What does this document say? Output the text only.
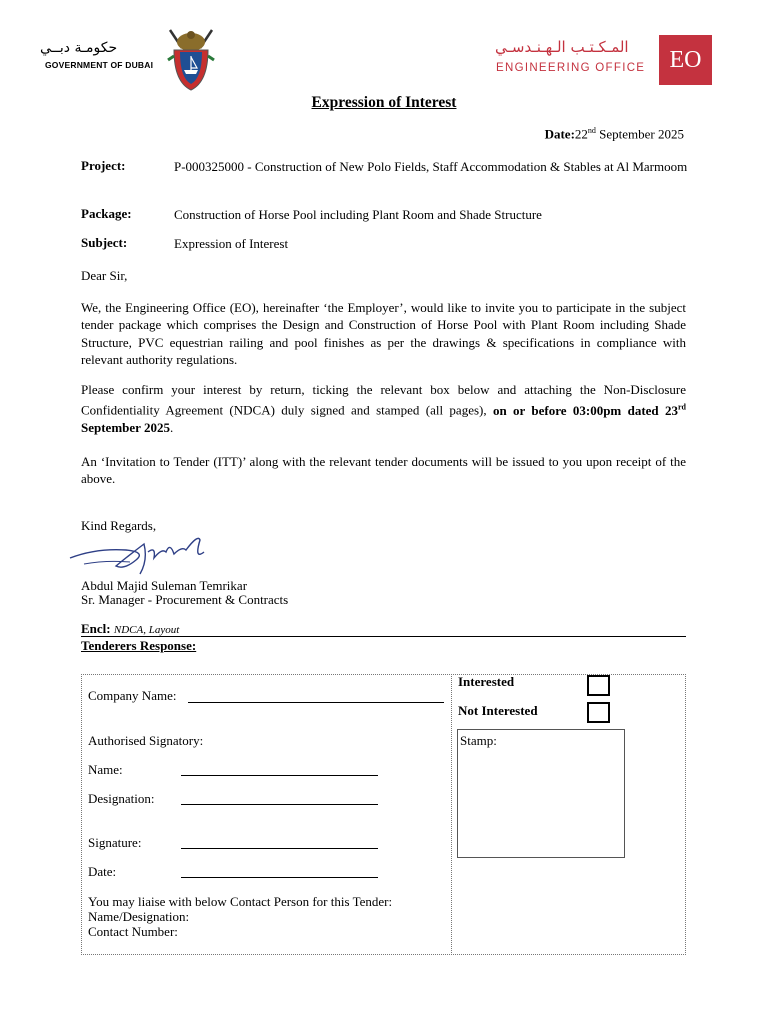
حكومـة دبــي
GOVERNMENT OF DUBAI
المـكـتـب الـهـنـدسـي
ENGINEERING OFFICE	EO
Expression of Interest
Date:22nd September 2025
Project:	P-000325000 - Construction of New Polo Fields, Staff Accommodation & Stables at Al Marmoom
Package:	Construction of Horse Pool including Plant Room and Shade Structure
Subject:	Expression of Interest
Dear Sir,
We, the Engineering Office (EO), hereinafter ‘the Employer’, would like to invite you to participate in the subject tender package which comprises the Design and Construction of Horse Pool with Plant Room including Shade Structure, PVC equestrian railing and pool finishes as per the drawings & specifications in compliance with relevant authority regulations.
Please confirm your interest by return, ticking the relevant box below and attaching the Non-Disclosure Confidentiality Agreement (NDCA) duly signed and stamped (all pages), on or before 03:00pm dated 23rd September 2025.
An ‘Invitation to Tender (ITT)’ along with the relevant tender documents will be issued to you upon receipt of the above.
Kind Regards,
Abdul Majid Suleman Temrikar
Sr. Manager - Procurement & Contracts
Encl: NDCA, Layout
Tenderers Response:
Company Name:
Authorised Signatory:
Name:
Designation:
Signature:
Date:
You may liaise with below Contact Person for this Tender:
Name/Designation:
Contact Number:
Interested
Not Interested
Stamp:
